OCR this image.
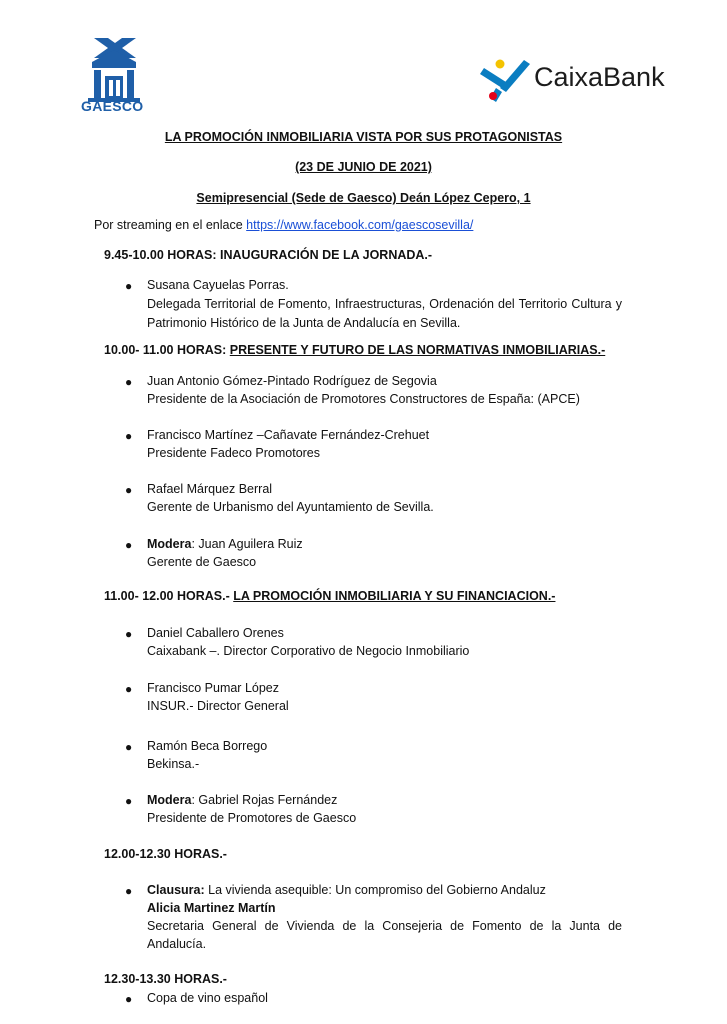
GAESCO
CaixaBank
LA PROMOCIÓN INMOBILIARIA VISTA POR SUS PROTAGONISTAS
(23 DE JUNIO DE 2021)
Semipresencial (Sede de Gaesco) Deán López Cepero, 1
Por streaming en el enlace https://www.facebook.com/gaescosevilla/
9.45-10.00 HORAS: INAUGURACIÓN DE LA JORNADA.-
● Susana Cayuelas Porras.
Delegada Territorial de Fomento, Infraestructuras, Ordenación del Territorio Cultura y Patrimonio Histórico de la Junta de Andalucía en Sevilla.
10.00- 11.00 HORAS: PRESENTE Y FUTURO DE LAS NORMATIVAS INMOBILIARIAS.-
● Juan Antonio Gómez-Pintado Rodríguez de Segovia
Presidente de la Asociación de Promotores Constructores de España: (APCE)
● Francisco Martínez –Cañavate Fernández-Crehuet
Presidente Fadeco Promotores
● Rafael Márquez Berral
Gerente de Urbanismo del Ayuntamiento de Sevilla.
● Modera: Juan Aguilera Ruiz
Gerente de Gaesco
11.00- 12.00 HORAS.- LA PROMOCIÓN INMOBILIARIA Y SU FINANCIACION.-
● Daniel Caballero Orenes
Caixabank –. Director Corporativo de Negocio Inmobiliario
● Francisco Pumar López
INSUR.- Director General
● Ramón Beca Borrego
Bekinsa.-
● Modera: Gabriel Rojas Fernández
Presidente de Promotores de Gaesco
12.00-12.30 HORAS.-
● Clausura: La vivienda asequible: Un compromiso del Gobierno Andaluz
Alicia Martinez Martín
Secretaria General de Vivienda de la Consejeria de Fomento de la Junta de Andalucía.
12.30-13.30 HORAS.-
● Copa de vino español
